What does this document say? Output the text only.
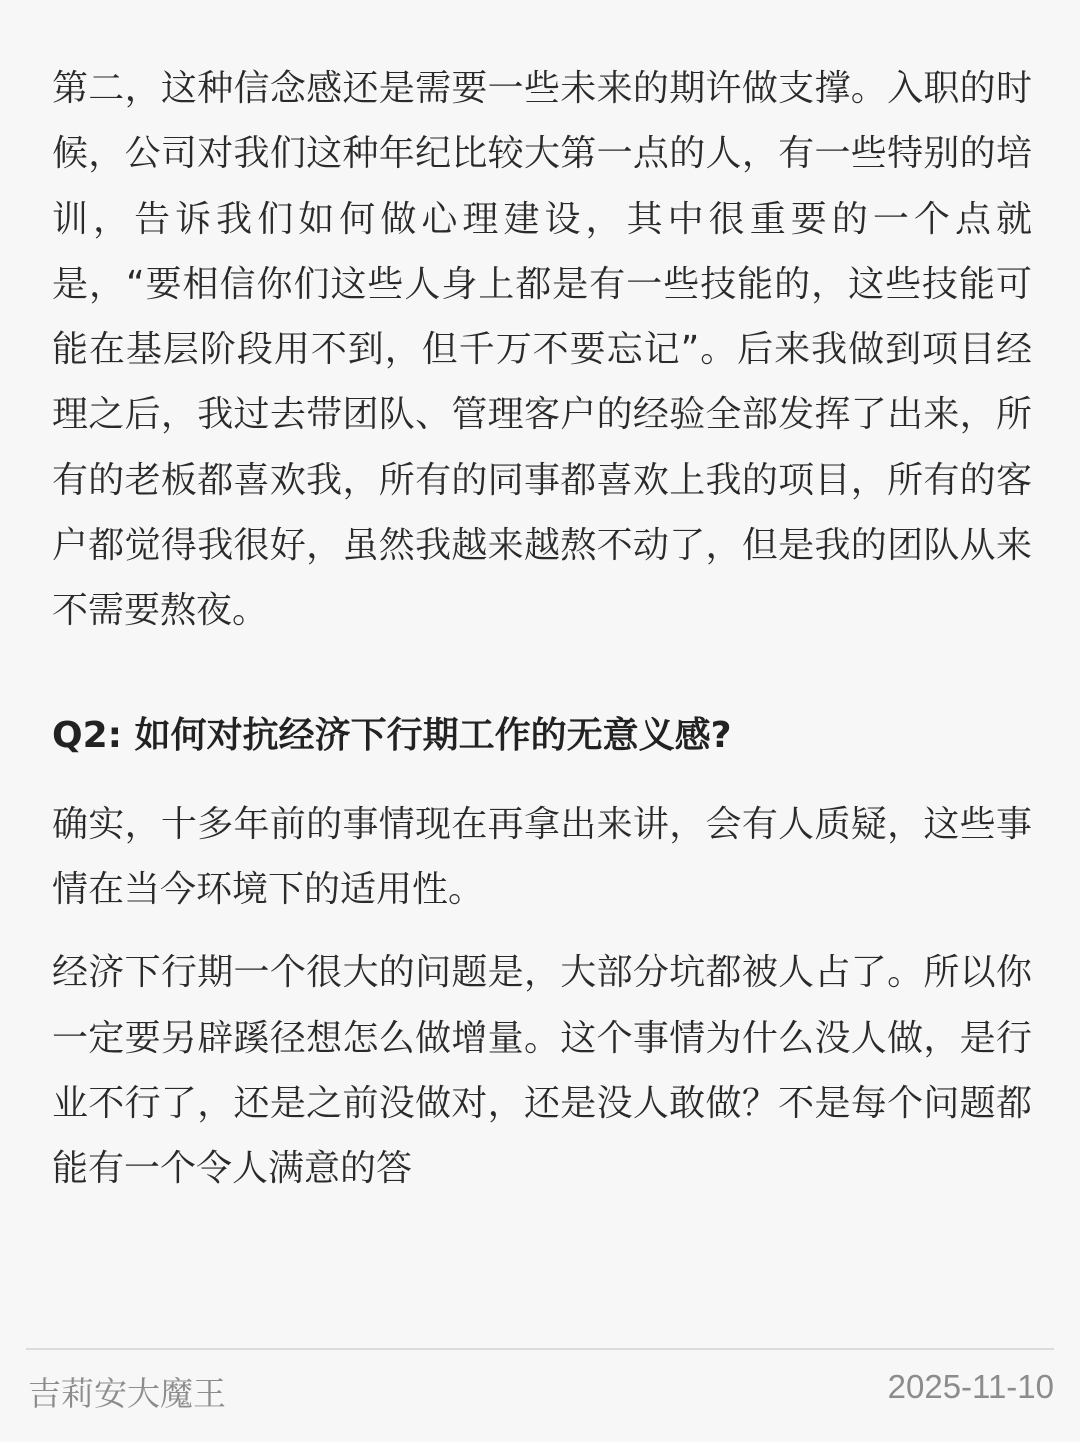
第二，这种信念感还是需要一些未来的期许做支撑。入职的时候，公司对我们这种年纪比较大第一点的人，有一些特别的培训，告诉我们如何做心理建设，其中很重要的一个点就是，“要相信你们这些人身上都是有一些技能的，这些技能可能在基层阶段用不到，但千万不要忘记”。后来我做到项目经理之后，我过去带团队、管理客户的经验全部发挥了出来，所有的老板都喜欢我，所有的同事都喜欢上我的项目，所有的客户都觉得我很好，虽然我越来越熬不动了，但是我的团队从来不需要熬夜。

Q2: 如何对抗经济下行期工作的无意义感?

确实，十多年前的事情现在再拿出来讲，会有人质疑，这些事情在当今环境下的适用性。

经济下行期一个很大的问题是，大部分坑都被人占了。所以你一定要另辟蹊径想怎么做增量。这个事情为什么没人做，是行业不行了，还是之前没做对，还是没人敢做？不是每个问题都能有一个令人满意的答

吉莉安大魔王	2025-11-10
